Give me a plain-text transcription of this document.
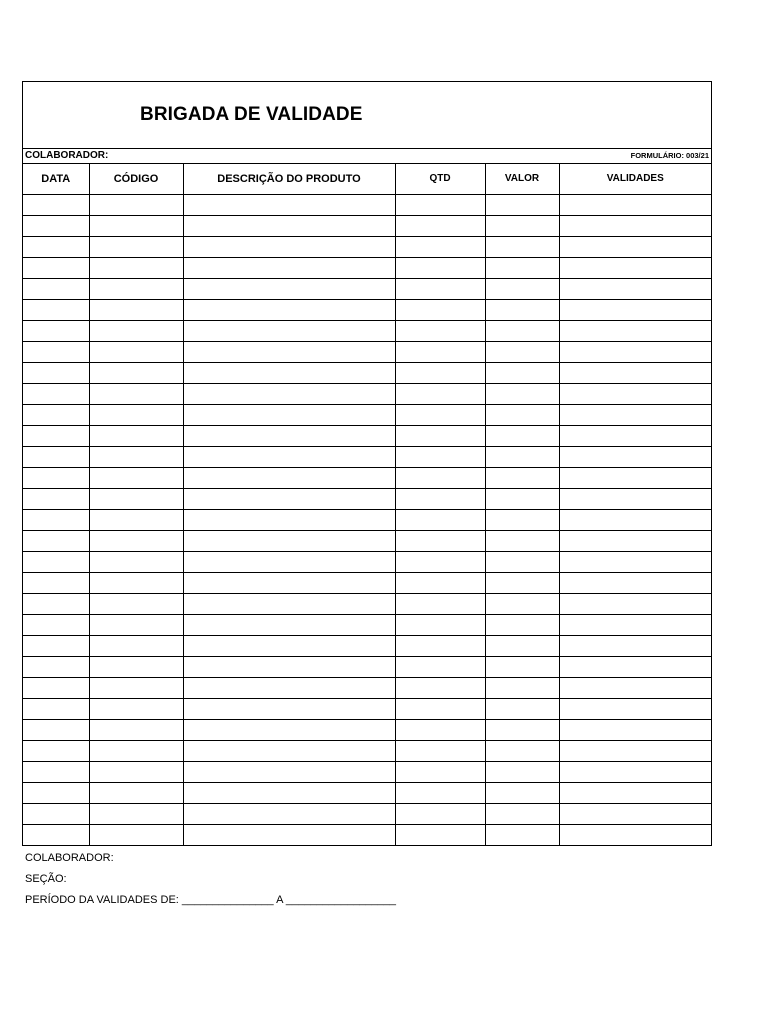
BRIGADA DE VALIDADE
COLABORADOR:	FORMULÁRIO: 003/21
DATA	CÓDIGO	DESCRIÇÃO DO PRODUTO	QTD	VALOR	VALIDADES

COLABORADOR:
SEÇÃO:
PERÍODO DA VALIDADES DE: _______________ A __________________
